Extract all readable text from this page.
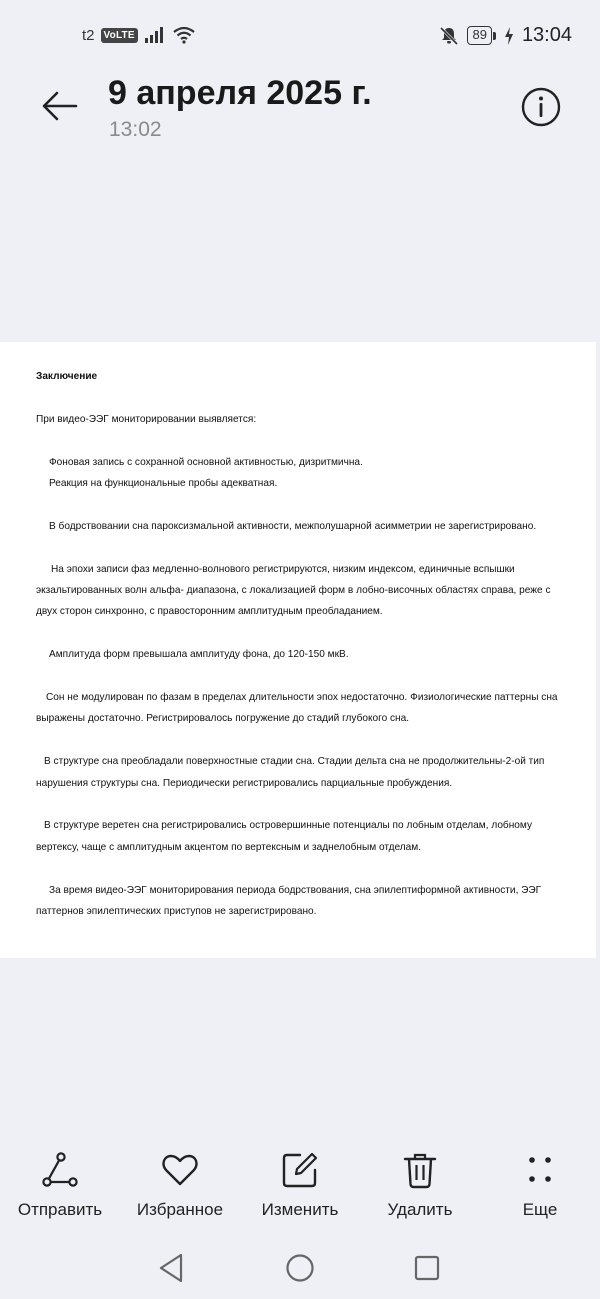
t2 VoLTE	89 13:04
9 апреля 2025 г.
13:02

Заключение

При видео-ЭЭГ мониторировании выявляется:

Фоновая запись с сохранной основной активностью, дизритмична.

Реакция на функциональные пробы адекватная.

В бодрствовании сна пароксизмальной активности, межполушарной асимметрии не зарегистрировано.

На эпохи записи фаз медленно-волнового регистрируются, низким индексом, единичные вспышки экзальтированных волн альфа- диапазона, с локализацией форм в лобно-височных областях справа, реже с двух сторон синхронно, с правосторонним амплитудным преобладанием.

Амплитуда форм превышала амплитуду фона, до 120-150 мкВ.

Сон не модулирован по фазам в пределах длительности эпох недостаточно. Физиологические паттерны сна выражены достаточно. Регистрировалось погружение до стадий глубокого сна.

В структуре сна преобладали поверхностные стадии сна. Стадии дельта сна не продолжительны-2-ой тип нарушения структуры сна. Периодически регистрировались парциальные пробуждения.

В структуре веретен сна регистрировались островершинные потенциалы по лобным отделам, лобному вертексу, чаще с амплитудным акцентом по вертексным и заднелобным отделам.

За время видео-ЭЭГ мониторирования периода бодрствования, сна эпилептиформной активности, ЭЭГ паттернов эпилептических приступов не зарегистрировано.

Отправить	Избранное	Изменить	Удалить	Еще
